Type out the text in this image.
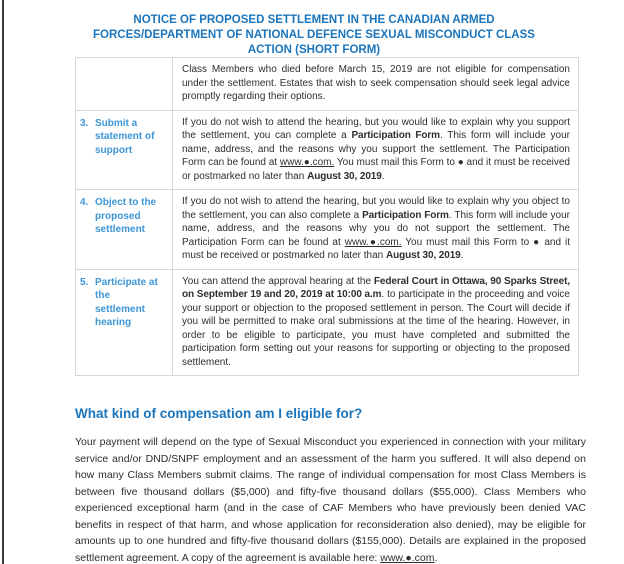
NOTICE OF PROPOSED SETTLEMENT IN THE CANADIAN ARMED
FORCES/DEPARTMENT OF NATIONAL DEFENCE SEXUAL MISCONDUCT CLASS
ACTION (SHORT FORM)
	Class Members who died before March 15, 2019 are not eligible for compensation under the settlement. Estates that wish to seek compensation should seek legal advice promptly regarding their options.
3. Submit a statement of support	If you do not wish to attend the hearing, but you would like to explain why you support the settlement, you can complete a Participation Form. This form will include your name, address, and the reasons why you support the settlement. The Participation Form can be found at www.●.com. You must mail this Form to ● and it must be received or postmarked no later than August 30, 2019.
4. Object to the proposed settlement	If you do not wish to attend the hearing, but you would like to explain why you object to the settlement, you can also complete a Participation Form. This form will include your name, address, and the reasons why you do not support the settlement. The Participation Form can be found at www.●.com. You must mail this Form to ● and it must be received or postmarked no later than August 30, 2019.
5. Participate at the settlement hearing	You can attend the approval hearing at the Federal Court in Ottawa, 90 Sparks Street, on September 19 and 20, 2019 at 10:00 a.m. to participate in the proceeding and voice your support or objection to the proposed settlement in person. The Court will decide if you will be permitted to make oral submissions at the time of the hearing. However, in order to be eligible to participate, you must have completed and submitted the participation form setting out your reasons for supporting or objecting to the proposed settlement.
What kind of compensation am I eligible for?
Your payment will depend on the type of Sexual Misconduct you experienced in connection with your military service and/or DND/SNPF employment and an assessment of the harm you suffered. It will also depend on how many Class Members submit claims. The range of individual compensation for most Class Members is between five thousand dollars ($5,000) and fifty-five thousand dollars ($55,000). Class Members who experienced exceptional harm (and in the case of CAF Members who have previously been denied VAC benefits in respect of that harm, and whose application for reconsideration also denied), may be eligible for amounts up to one hundred and fifty-five thousand dollars ($155,000). Details are explained in the proposed settlement agreement. A copy of the agreement is available here: www.●.com.
